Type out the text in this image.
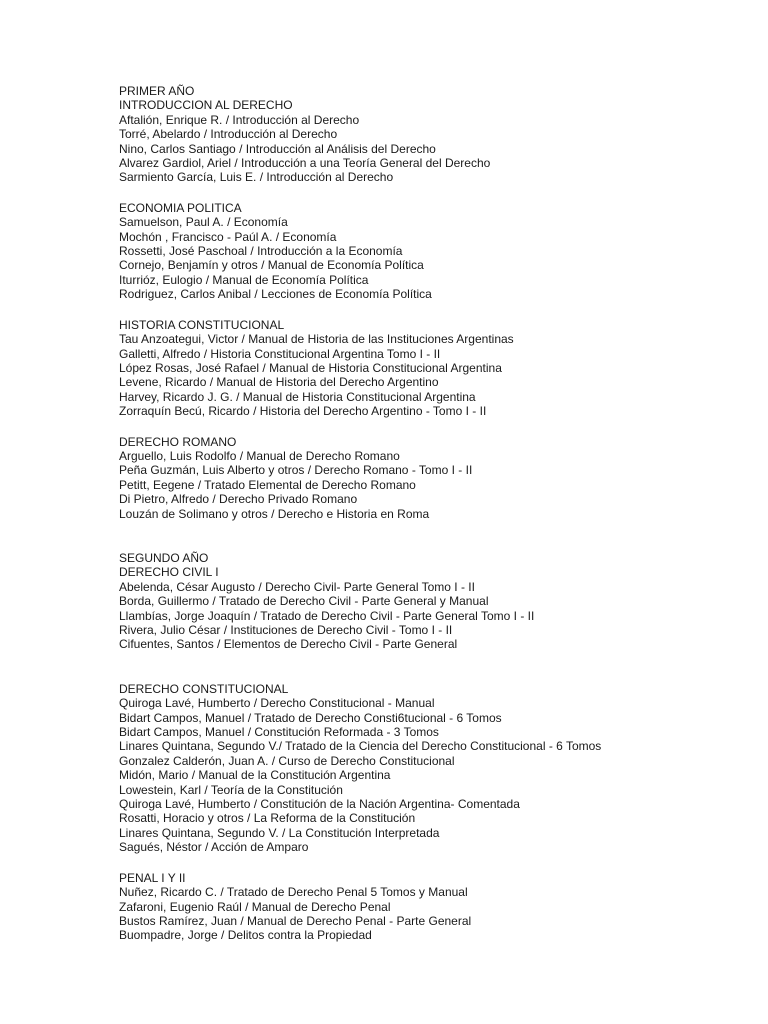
PRIMER AÑO
INTRODUCCION AL DERECHO
Aftalión, Enrique R. / Introducción al Derecho
Torré, Abelardo / Introducción al Derecho
Nino, Carlos Santiago / Introducción al Análisis del Derecho
Alvarez Gardiol, Ariel / Introducción a una Teoría General del Derecho
Sarmiento García, Luis E. / Introducción al Derecho
ECONOMIA POLITICA
Samuelson, Paul A. / Economía
Mochón , Francisco - Paúl A. / Economía
Rossetti, José Paschoal / Introducción a la Economía
Cornejo, Benjamín y otros / Manual de Economía Política
Iturrióz, Eulogio / Manual de Economía Política
Rodriguez, Carlos Anibal / Lecciones de Economía Política
HISTORIA CONSTITUCIONAL
Tau Anzoategui, Victor / Manual de Historia de las Instituciones Argentinas
Galletti, Alfredo / Historia Constitucional Argentina Tomo I - II
López Rosas, José Rafael / Manual de Historia Constitucional Argentina
Levene, Ricardo / Manual de Historia del Derecho Argentino
Harvey, Ricardo J. G. / Manual de Historia Constitucional Argentina
Zorraquín Becú, Ricardo / Historia del Derecho Argentino - Tomo I - II
DERECHO ROMANO
Arguello, Luis Rodolfo / Manual de Derecho Romano
Peña Guzmán, Luis Alberto y otros / Derecho Romano - Tomo I - II
Petitt, Eegene / Tratado Elemental de Derecho Romano
Di Pietro, Alfredo / Derecho Privado Romano
Louzán de Solimano y otros / Derecho e Historia en Roma
SEGUNDO AÑO
DERECHO CIVIL I
Abelenda, César Augusto / Derecho Civil- Parte General Tomo I - II
Borda, Guillermo / Tratado de Derecho Civil - Parte General y Manual
Llambías, Jorge Joaquín / Tratado de Derecho Civil - Parte General Tomo I - II
Rivera, Julio César / Instituciones de Derecho Civil - Tomo I - II
Cifuentes, Santos / Elementos de Derecho Civil - Parte General
DERECHO CONSTITUCIONAL
Quiroga Lavé, Humberto / Derecho Constitucional - Manual
Bidart Campos, Manuel / Tratado de Derecho Consti6tucional - 6 Tomos
Bidart Campos, Manuel / Constitución Reformada - 3 Tomos
Linares Quintana, Segundo V./ Tratado de la Ciencia del Derecho Constitucional - 6 Tomos
Gonzalez Calderón, Juan A. / Curso de Derecho Constitucional
Midón, Mario / Manual de la Constitución Argentina
Lowestein, Karl / Teoría de la Constitución
Quiroga Lavé, Humberto / Constitución de la Nación Argentina- Comentada
Rosatti, Horacio y otros / La Reforma de la Constitución
Linares Quintana, Segundo V. / La Constitución Interpretada
Sagués, Néstor / Acción de Amparo
PENAL I Y II
Nuñez, Ricardo C. / Tratado de Derecho Penal 5 Tomos y Manual
Zafaroni, Eugenio Raúl / Manual de Derecho Penal
Bustos Ramírez, Juan / Manual de Derecho Penal - Parte General
Buompadre, Jorge / Delitos contra la Propiedad
